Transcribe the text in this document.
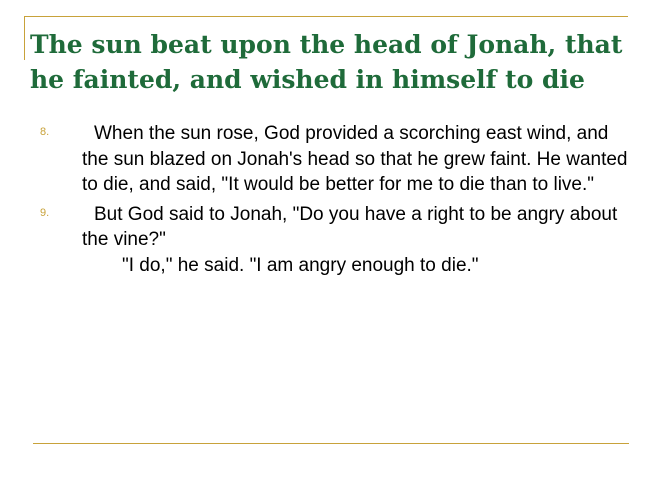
The sun beat upon the head of Jonah, that he fainted, and wished in himself to die
8.	When the sun rose, God provided a scorching east wind, and the sun blazed on Jonah's head so that he grew faint. He wanted to die, and said, "It would be better for me to die than to live."
9.	But God said to Jonah, "Do you have a right to be angry about the vine?"
"I do," he said. "I am angry enough to die."
